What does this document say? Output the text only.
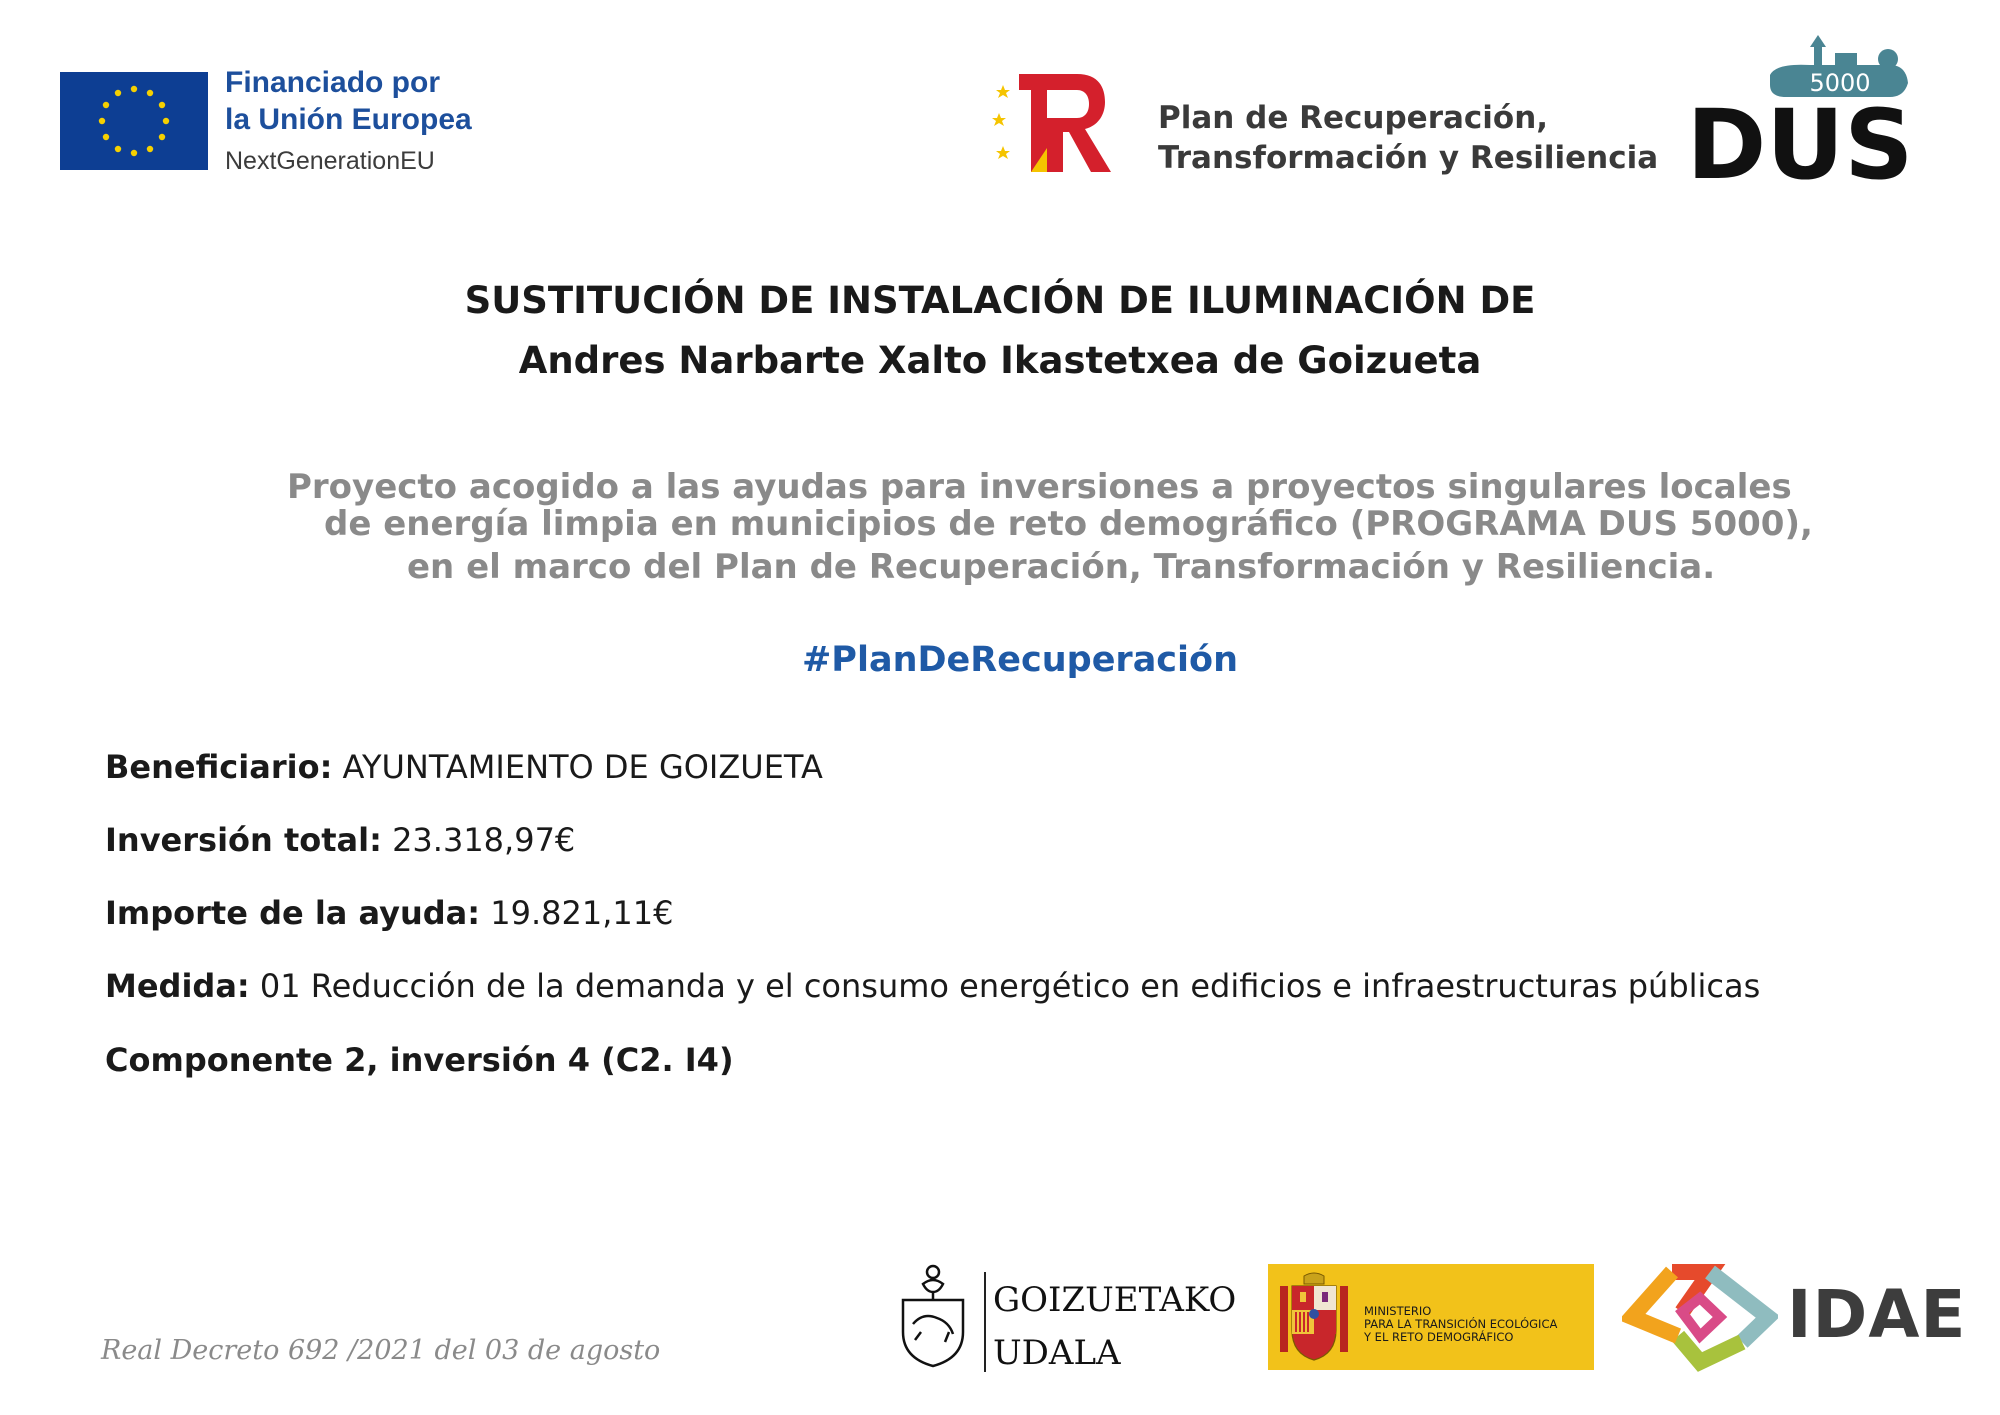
Financiado por
la Unión Europea
NextGenerationEU
Plan de Recuperación,
Transformación y Resiliencia
5000
DUS
SUSTITUCIÓN DE INSTALACIÓN DE ILUMINACIÓN DE
Andres Narbarte Xalto Ikastetxea de Goizueta
Proyecto acogido a las ayudas para inversiones a proyectos singulares locales
de energía limpia en municipios de reto demográfico (PROGRAMA DUS 5000),
en el marco del Plan de Recuperación, Transformación y Resiliencia.
#PlanDeRecuperación
Beneficiario: AYUNTAMIENTO DE GOIZUETA
Inversión total: 23.318,97€
Importe de la ayuda: 19.821,11€
Medida: 01 Reducción de la demanda y el consumo energético en edificios e infraestructuras públicas
Componente 2, inversión 4 (C2. I4)
Real Decreto 692 /2021 del 03 de agosto
GOIZUETAKO
UDALA
MINISTERIO
PARA LA TRANSICIÓN ECOLÓGICA
Y EL RETO DEMOGRÁFICO	IDAE
